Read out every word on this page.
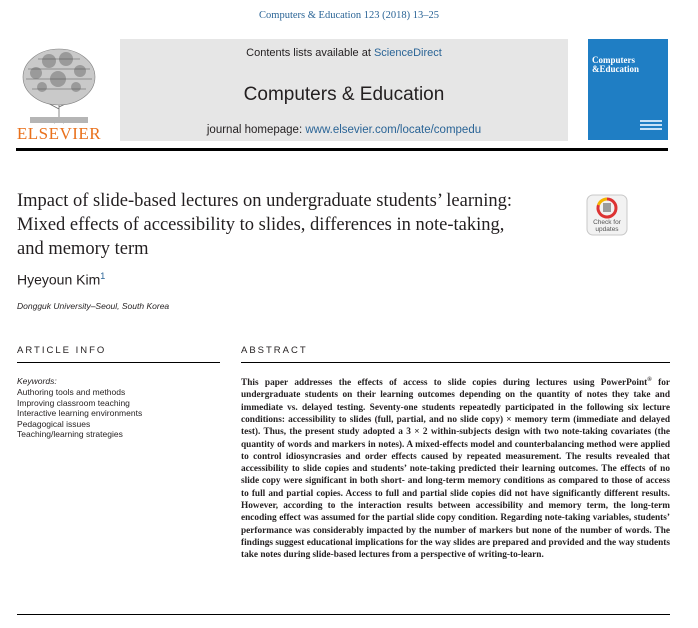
Computers & Education 123 (2018) 13–25
ELSEVIER
Contents lists available at ScienceDirect
Computers & Education
journal homepage: www.elsevier.com/locate/compedu
Computers
&Education
Impact of slide-based lectures on undergraduate students’ learning:
Mixed effects of accessibility to slides, differences in note-taking,
and memory term
Check for
updates
Hyeyoun Kim$^1$
Dongguk University–Seoul, South Korea
ARTICLE INFO
Keywords:
Authoring tools and methods
Improving classroom teaching
Interactive learning environments
Pedagogical issues
Teaching/learning strategies
ABSTRACT
This paper addresses the effects of access to slide copies during lectures using PowerPoint® for undergraduate students on their learning outcomes depending on the quantity of notes they take and immediate vs. delayed testing. Seventy-one students repeatedly participated in the following six lecture conditions: accessibility to slides (full, partial, and no slide copy) × memory term (immediate and delayed test). Thus, the present study adopted a 3 × 2 within-subjects design with two note-taking covariates (the quantity of words and markers in notes). A mixed-effects model and counterbalancing method were applied to control idiosyncrasies and order effects caused by repeated measurement. The results revealed that accessibility to slide copies and students’ note-taking predicted their learning outcomes. The effects of no slide copy were significant in both short- and long-term memory conditions as compared to those of access to full and partial copies. Access to full and partial slide copies did not have significantly different results. However, according to the interaction results between accessibility and memory term, the long-term encoding effect was assumed for the partial slide copy condition. Regarding note-taking variables, students’ performance was considerably impacted by the number of markers but none of the number of words. The findings suggest educational implications for the way slides are prepared and provided and the way students take notes during slide-based lectures from a perspective of writing-to-learn.
